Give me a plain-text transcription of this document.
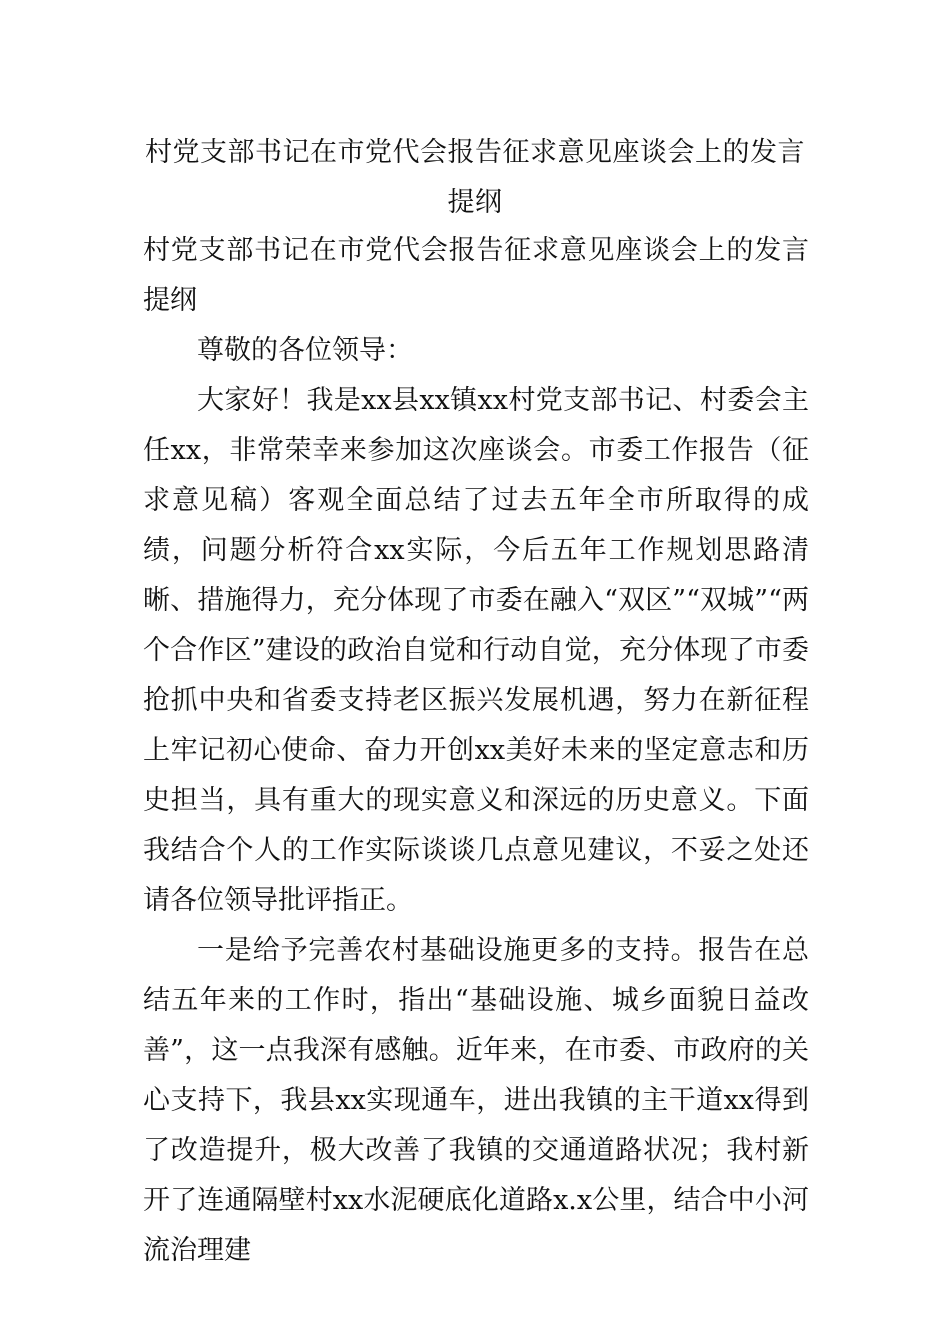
村党支部书记在市党代会报告征求意见座谈会上的发言提纲

村党支部书记在市党代会报告征求意见座谈会上的发言提纲

尊敬的各位领导：

大家好！我是xx县xx镇xx村党支部书记、村委会主任xx，非常荣幸来参加这次座谈会。市委工作报告（征求意见稿）客观全面总结了过去五年全市所取得的成绩，问题分析符合xx实际，今后五年工作规划思路清晰、措施得力，充分体现了市委在融入“双区”“双城”“两个合作区”建设的政治自觉和行动自觉，充分体现了市委抢抓中央和省委支持老区振兴发展机遇，努力在新征程上牢记初心使命、奋力开创xx美好未来的坚定意志和历史担当，具有重大的现实意义和深远的历史意义。下面我结合个人的工作实际谈谈几点意见建议，不妥之处还请各位领导批评指正。

一是给予完善农村基础设施更多的支持。报告在总结五年来的工作时，指出“基础设施、城乡面貌日益改善”，这一点我深有感触。近年来，在市委、市政府的关心支持下，我县xx实现通车，进出我镇的主干道xx得到了改造提升，极大改善了我镇的交通道路状况；我村新开了连通隔壁村xx水泥硬底化道路x.x公里，结合中小河流治理建
